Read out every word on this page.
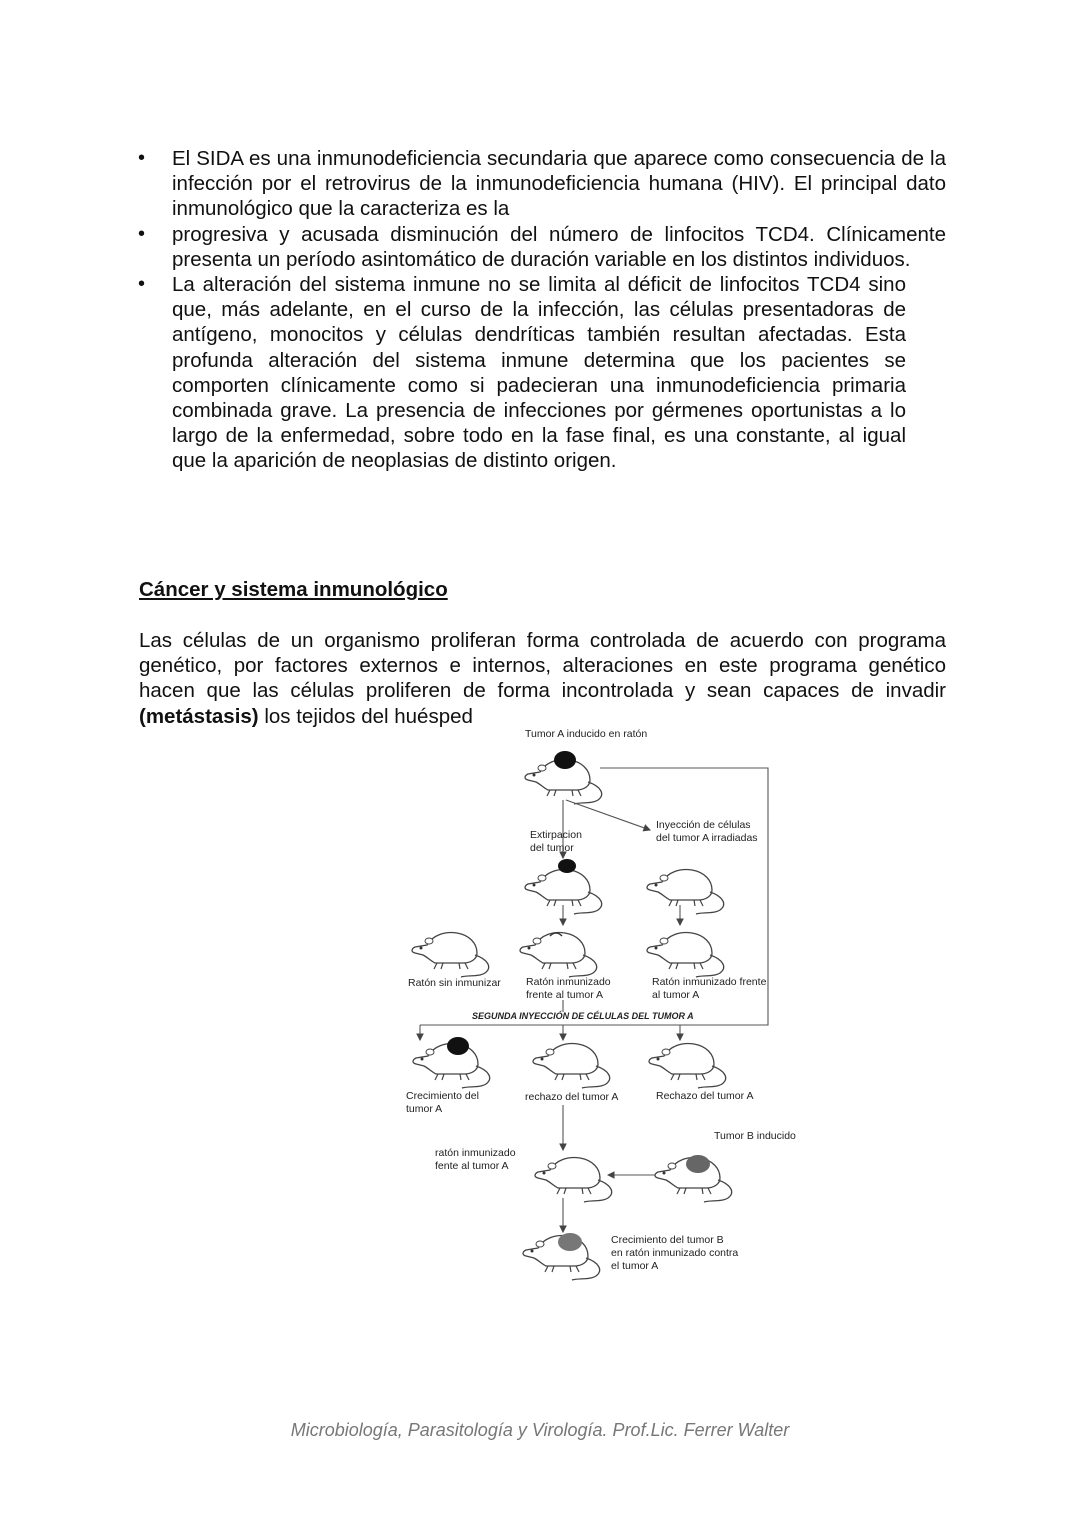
• El SIDA es una inmunodeficiencia secundaria que aparece como consecuencia de la infección por el retrovirus de la inmunodeficiencia humana (HIV). El principal dato inmunológico que la caracteriza es la
• progresiva y acusada disminución del número de linfocitos TCD4. Clínicamente presenta un período asintomático de duración variable en los distintos individuos.
• La alteración del sistema inmune no se limita al déficit de linfocitos TCD4 sino que, más adelante, en el curso de la infección, las células presentadoras de antígeno, monocitos y células dendríticas también resultan afectadas. Esta profunda alteración del sistema inmune determina que los pacientes se comporten clínicamente como si padecieran una inmunodeficiencia primaria combinada grave. La presencia de infecciones por gérmenes oportunistas a lo largo de la enfermedad, sobre todo en la fase final, es una constante, al igual que la aparición de neoplasias de distinto origen.
Cáncer y sistema inmunológico
Las células de un organismo proliferan forma controlada de acuerdo con programa genético, por factores externos e internos, alteraciones en este programa genético hacen que las células proliferen de forma incontrolada y sean capaces de invadir (metástasis) los tejidos del huésped
Tumor A inducido en ratón
Extirpacion
del tumor
Inyección de células
del tumor A irradiadas
Ratón sin inmunizar Ratón inmunizado
frente al tumor A
Ratón inmunizado frente
al tumor A
SEGUNDA INYECCIÓN DE CÉLULAS DEL TUMOR A
Crecimiento del
tumor A
rechazo del tumor A	Rechazo del tumor A
Tumor B inducido
ratón inmunizado
fente al tumor A
Crecimiento del tumor B
en ratón inmunizado contra
el tumor A
Microbiología, Parasitología y Virología. Prof.Lic. Ferrer Walter
